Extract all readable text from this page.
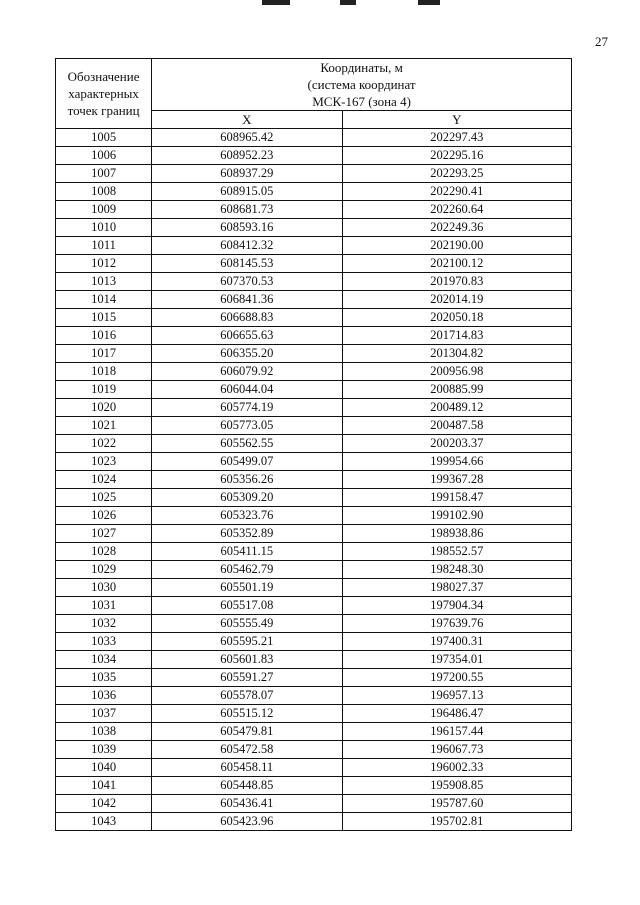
27
Обозначение характерных точек границ	Координаты, м
(система координат
МСК-167 (зона 4)	

	X	Y
1005	608965.42	202297.43
1006	608952.23	202295.16
1007	608937.29	202293.25
1008	608915.05	202290.41
1009	608681.73	202260.64
1010	608593.16	202249.36
1011	608412.32	202190.00
1012	608145.53	202100.12
1013	607370.53	201970.83
1014	606841.36	202014.19
1015	606688.83	202050.18
1016	606655.63	201714.83
1017	606355.20	201304.82
1018	606079.92	200956.98
1019	606044.04	200885.99
1020	605774.19	200489.12
1021	605773.05	200487.58
1022	605562.55	200203.37
1023	605499.07	199954.66
1024	605356.26	199367.28
1025	605309.20	199158.47
1026	605323.76	199102.90
1027	605352.89	198938.86
1028	605411.15	198552.57
1029	605462.79	198248.30
1030	605501.19	198027.37
1031	605517.08	197904.34
1032	605555.49	197639.76
1033	605595.21	197400.31
1034	605601.83	197354.01
1035	605591.27	197200.55
1036	605578.07	196957.13
1037	605515.12	196486.47
1038	605479.81	196157.44
1039	605472.58	196067.73
1040	605458.11	196002.33
1041	605448.85	195908.85
1042	605436.41	195787.60
1043	605423.96	195702.81
